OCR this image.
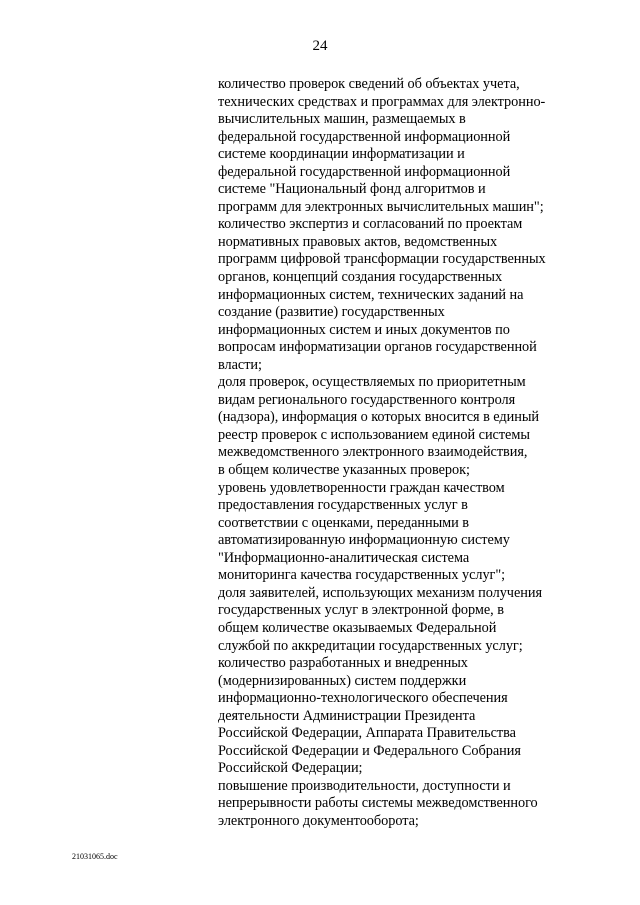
24
количество проверок сведений об объектах учета,
технических средствах и программах для электронно-
вычислительных машин, размещаемых в
федеральной государственной информационной
системе координации информатизации и
федеральной государственной информационной
системе "Национальный фонд алгоритмов и
программ для электронных вычислительных машин";
количество экспертиз и согласований по проектам
нормативных правовых актов, ведомственных
программ цифровой трансформации государственных
органов, концепций создания государственных
информационных систем, технических заданий на
создание (развитие) государственных
информационных систем и иных документов по
вопросам информатизации органов государственной
власти;
доля проверок, осуществляемых по приоритетным
видам регионального государственного контроля
(надзора), информация о которых вносится в единый
реестр проверок с использованием единой системы
межведомственного электронного взаимодействия,
в общем количестве указанных проверок;
уровень удовлетворенности граждан качеством
предоставления государственных услуг в
соответствии с оценками, переданными в
автоматизированную информационную систему
"Информационно-аналитическая система
мониторинга качества государственных услуг";
доля заявителей, использующих механизм получения
государственных услуг в электронной форме, в
общем количестве оказываемых Федеральной
службой по аккредитации государственных услуг;
количество разработанных и внедренных
(модернизированных) систем поддержки
информационно-технологического обеспечения
деятельности Администрации Президента
Российской Федерации, Аппарата Правительства
Российской Федерации и Федерального Собрания
Российской Федерации;
повышение производительности, доступности и
непрерывности работы системы межведомственного
электронного документооборота;
21031065.doc
